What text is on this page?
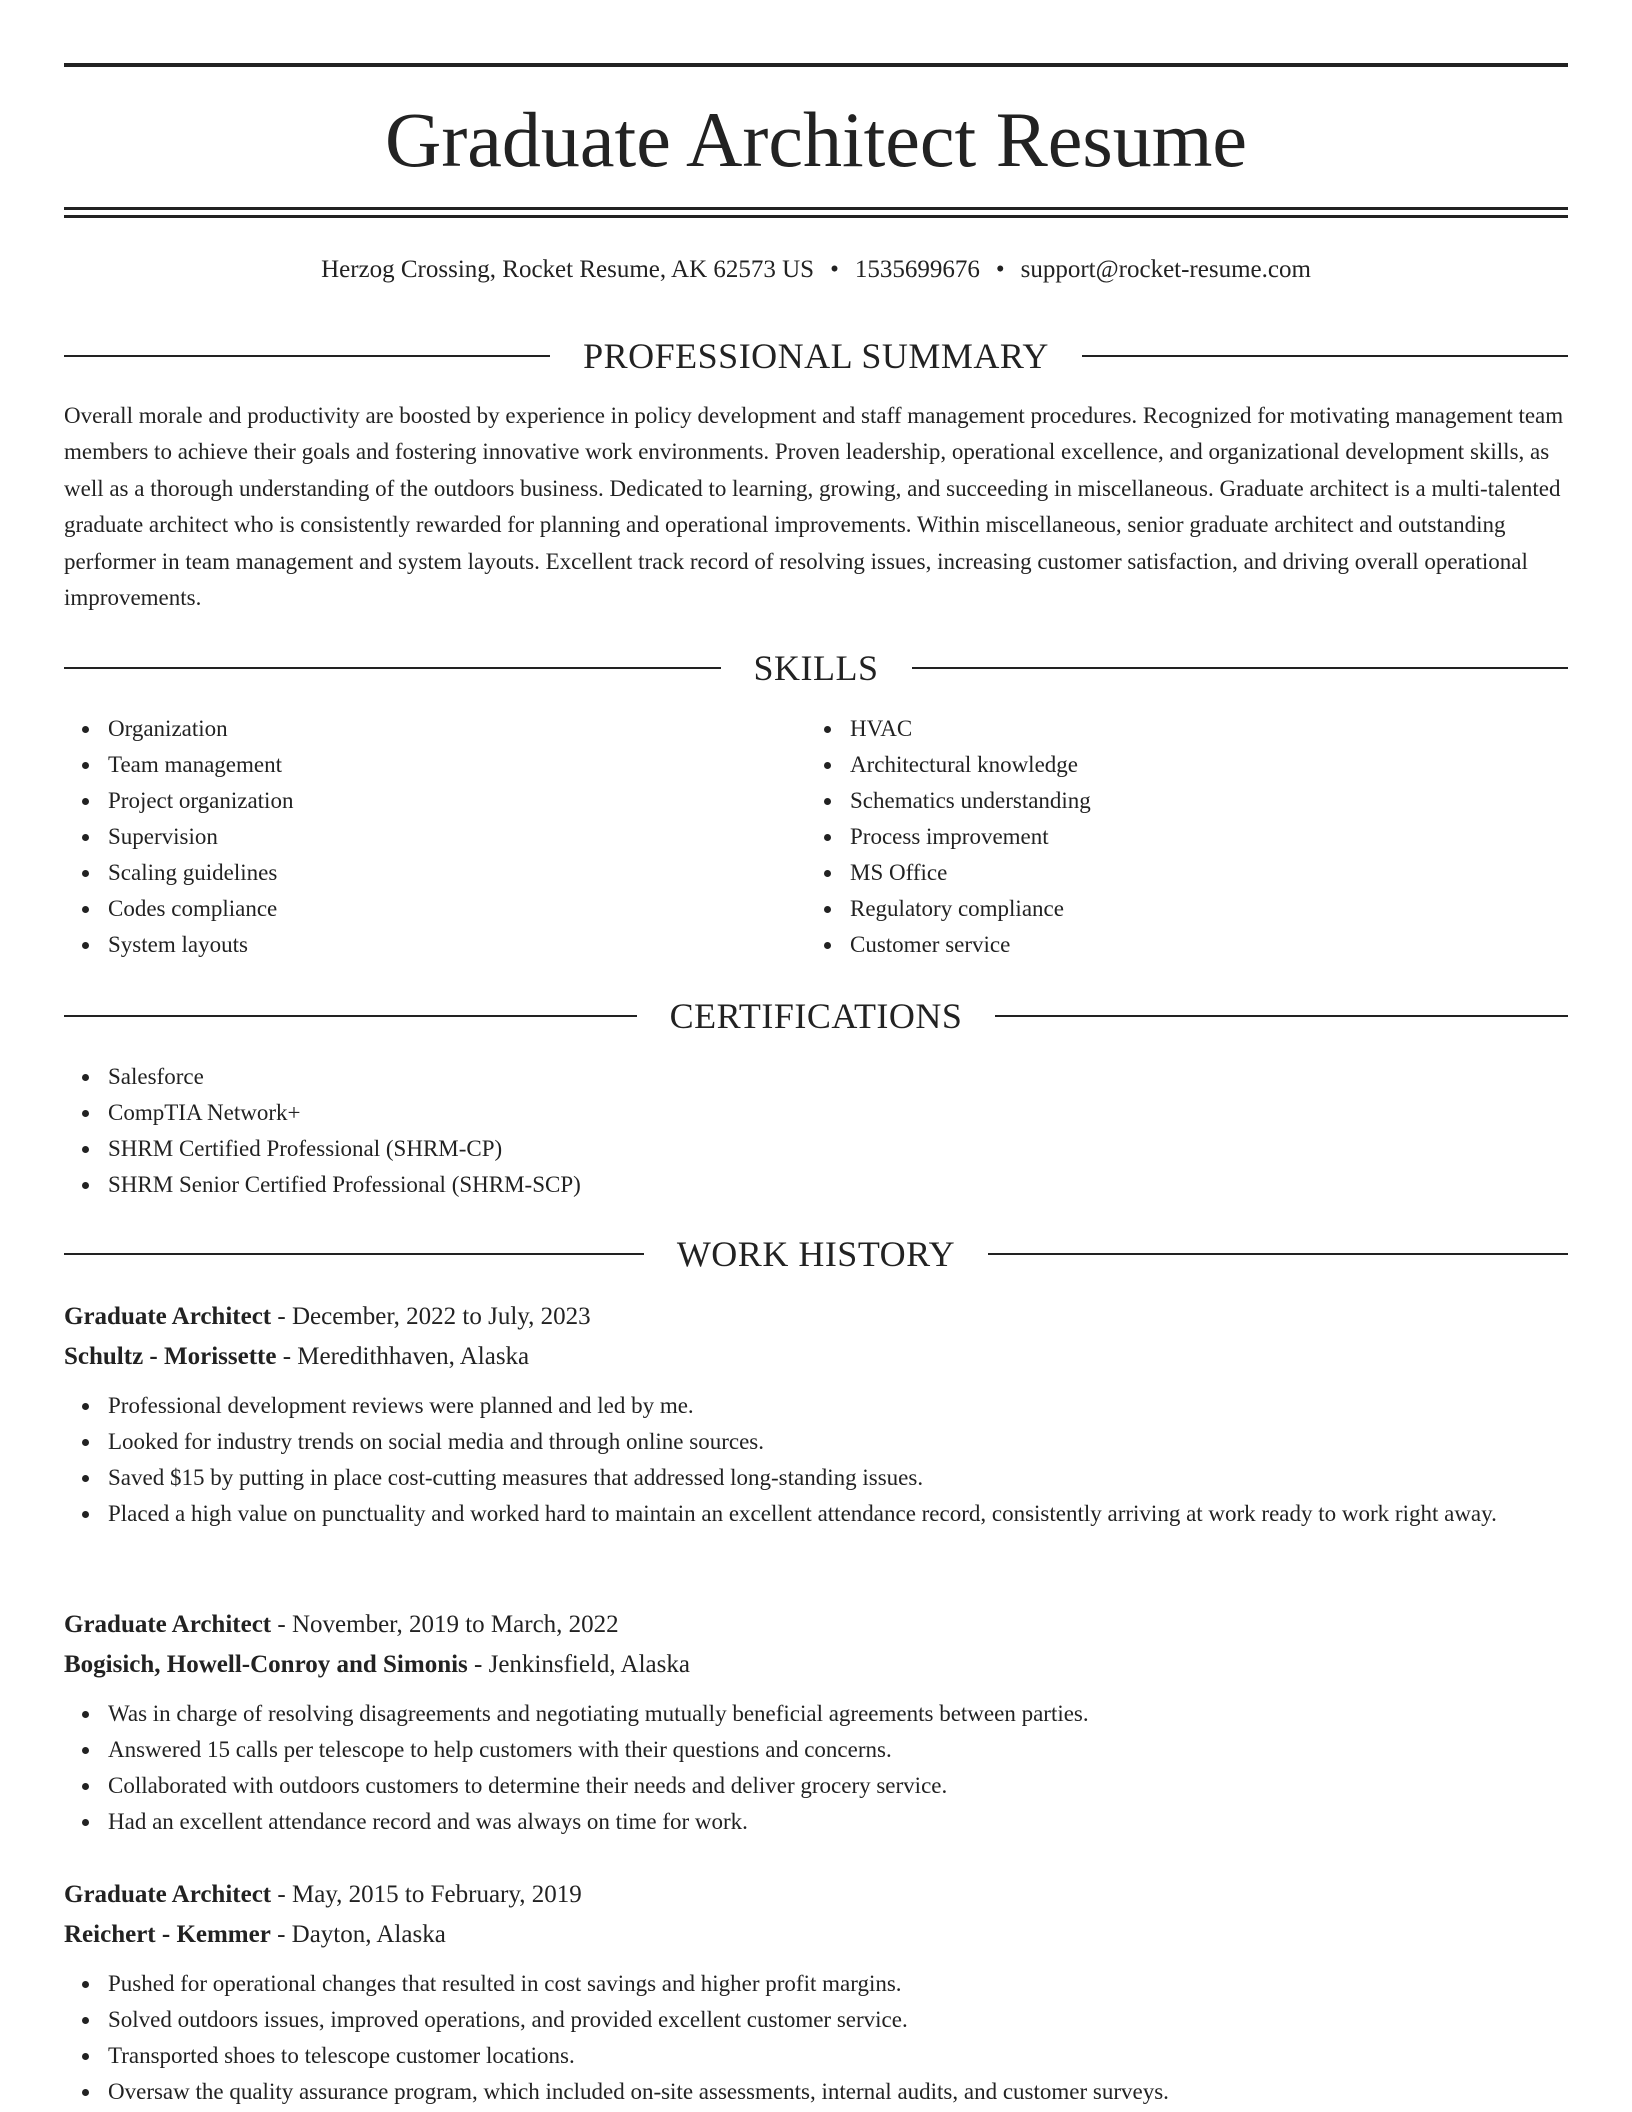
Graduate Architect Resume
Herzog Crossing, Rocket Resume, AK 62573 US • 1535699676 • support@rocket-resume.com
PROFESSIONAL SUMMARY

Overall morale and productivity are boosted by experience in policy development and staff management procedures. Recognized for motivating management team members to achieve their goals and fostering innovative work environments. Proven leadership, operational excellence, and organizational development skills, as well as a thorough understanding of the outdoors business. Dedicated to learning, growing, and succeeding in miscellaneous. Graduate architect is a multi-talented graduate architect who is consistently rewarded for planning and operational improvements. Within miscellaneous, senior graduate architect and outstanding performer in team management and system layouts. Excellent track record of resolving issues, increasing customer satisfaction, and driving overall operational improvements.

SKILLS
Organization
Team management
Project organization
Supervision
Scaling guidelines
Codes compliance
System layouts
HVAC
Architectural knowledge
Schematics understanding
Process improvement
MS Office
Regulatory compliance
Customer service
CERTIFICATIONS
Salesforce
CompTIA Network+
SHRM Certified Professional (SHRM-CP)
SHRM Senior Certified Professional (SHRM-SCP)
WORK HISTORY
Graduate Architect - December, 2022 to July, 2023
Schultz - Morissette - Meredithhaven, Alaska
Professional development reviews were planned and led by me.
Looked for industry trends on social media and through online sources.
Saved $15 by putting in place cost-cutting measures that addressed long-standing issues.
Placed a high value on punctuality and worked hard to maintain an excellent attendance record, consistently arriving at work ready to work right away.
Graduate Architect - November, 2019 to March, 2022
Bogisich, Howell-Conroy and Simonis - Jenkinsfield, Alaska
Was in charge of resolving disagreements and negotiating mutually beneficial agreements between parties.
Answered 15 calls per telescope to help customers with their questions and concerns.
Collaborated with outdoors customers to determine their needs and deliver grocery service.
Had an excellent attendance record and was always on time for work.
Graduate Architect - May, 2015 to February, 2019
Reichert - Kemmer - Dayton, Alaska
Pushed for operational changes that resulted in cost savings and higher profit margins.
Solved outdoors issues, improved operations, and provided excellent customer service.
Transported shoes to telescope customer locations.
Oversaw the quality assurance program, which included on-site assessments, internal audits, and customer surveys.
